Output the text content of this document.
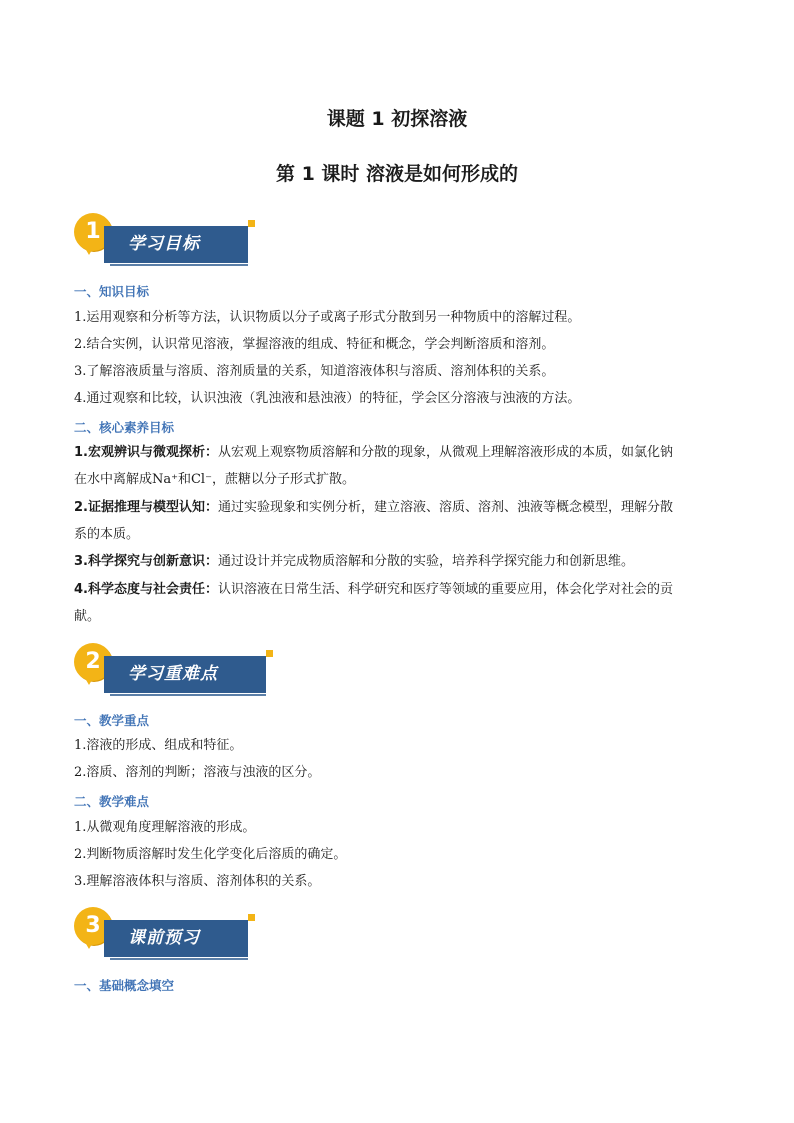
课题 1 初探溶液
第 1 课时 溶液是如何形成的
1	学习目标
一、知识目标
1.运用观察和分析等方法，认识物质以分子或离子形式分散到另一种物质中的溶解过程。
2.结合实例，认识常见溶液，掌握溶液的组成、特征和概念，学会判断溶质和溶剂。
3.了解溶液质量与溶质、溶剂质量的关系，知道溶液体积与溶质、溶剂体积的关系。
4.通过观察和比较，认识浊液（乳浊液和悬浊液）的特征，学会区分溶液与浊液的方法。
二、核心素养目标
1.宏观辨识与微观探析：从宏观上观察物质溶解和分散的现象，从微观上理解溶液形成的本质，如氯化钠
在水中离解成Na⁺和Cl⁻，蔗糖以分子形式扩散。
2.证据推理与模型认知：通过实验现象和实例分析，建立溶液、溶质、溶剂、浊液等概念模型，理解分散
系的本质。
3.科学探究与创新意识：通过设计并完成物质溶解和分散的实验，培养科学探究能力和创新思维。
4.科学态度与社会责任：认识溶液在日常生活、科学研究和医疗等领域的重要应用，体会化学对社会的贡
献。
2	学习重难点
一、教学重点
1.溶液的形成、组成和特征。
2.溶质、溶剂的判断；溶液与浊液的区分。
二、教学难点
1.从微观角度理解溶液的形成。
2.判断物质溶解时发生化学变化后溶质的确定。
3.理解溶液体积与溶质、溶剂体积的关系。
3	课前预习
一、基础概念填空
